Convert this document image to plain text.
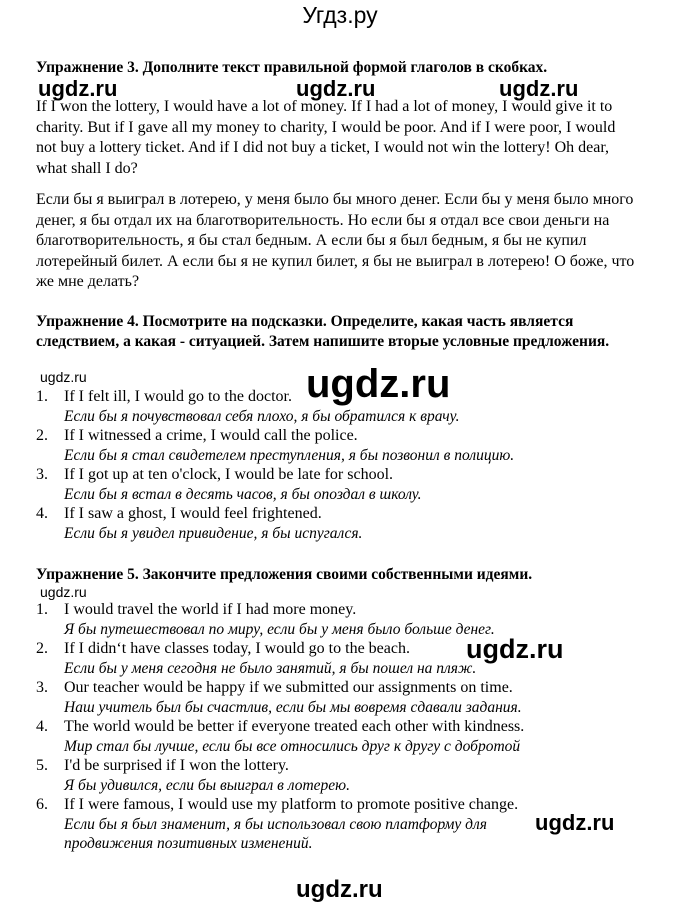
Угдз.ру
Упражнение 3. Дополните текст правильной формой глаголов в скобках.
ugdz.ru	ugdz.ru	ugdz.ru
If I won the lottery, I would have a lot of money. If I had a lot of money, I would give it to charity. But if I gave all my money to charity, I would be poor. And if I were poor, I would not buy a lottery ticket. And if I did not buy a ticket, I would not win the lottery! Oh dear, what shall I do?
Если бы я выиграл в лотерею, у меня было бы много денег. Если бы у меня было много денег, я бы отдал их на благотворительность. Но если бы я отдал все свои деньги на благотворительность, я бы стал бедным. А если бы я был бедным, я бы не купил лотерейный билет. А если бы я не купил билет, я бы не выиграл в лотерею! О боже, что же мне делать?
Упражнение 4. Посмотрите на подсказки. Определите, какая часть является следствием, а какая - ситуацией. Затем напишите вторые условные предложения.
ugdz.ru	ugdz.ru
1.	If I felt ill, I would go to the doctor.
Если бы я почувствовал себя плохо, я бы обратился к врачу.
2.	If I witnessed a crime, I would call the police.
Если бы я стал свидетелем преступления, я бы позвонил в полицию.
3.	If I got up at ten o'clock, I would be late for school.
Если бы я встал в десять часов, я бы опоздал в школу.
4.	If I saw a ghost, I would feel frightened.
Если бы я увидел привидение, я бы испугался.
Упражнение 5. Закончите предложения своими собственными идеями.
ugdz.ru
ugdz.ru
ugdz.ru
1.	I would travel the world if I had more money.
Я бы путешествовал по миру, если бы у меня было больше денег.
2.	If I didn‘t have classes today, I would go to the beach.
Если бы у меня сегодня не было занятий, я бы пошел на пляж.
3.	Our teacher would be happy if we submitted our assignments on time.
Наш учитель был бы счастлив, если бы мы вовремя сдавали задания.
4.	The world would be better if everyone treated each other with kindness.
Мир стал бы лучше, если бы все относились друг к другу с добротой
5.	I'd be surprised if I won the lottery.
Я бы удивился, если бы выиграл в лотерею.
6.	If I were famous, I would use my platform to promote positive change.
Если бы я был знаменит, я бы использовал свою платформу для продвижения позитивных изменений.
ugdz.ru
